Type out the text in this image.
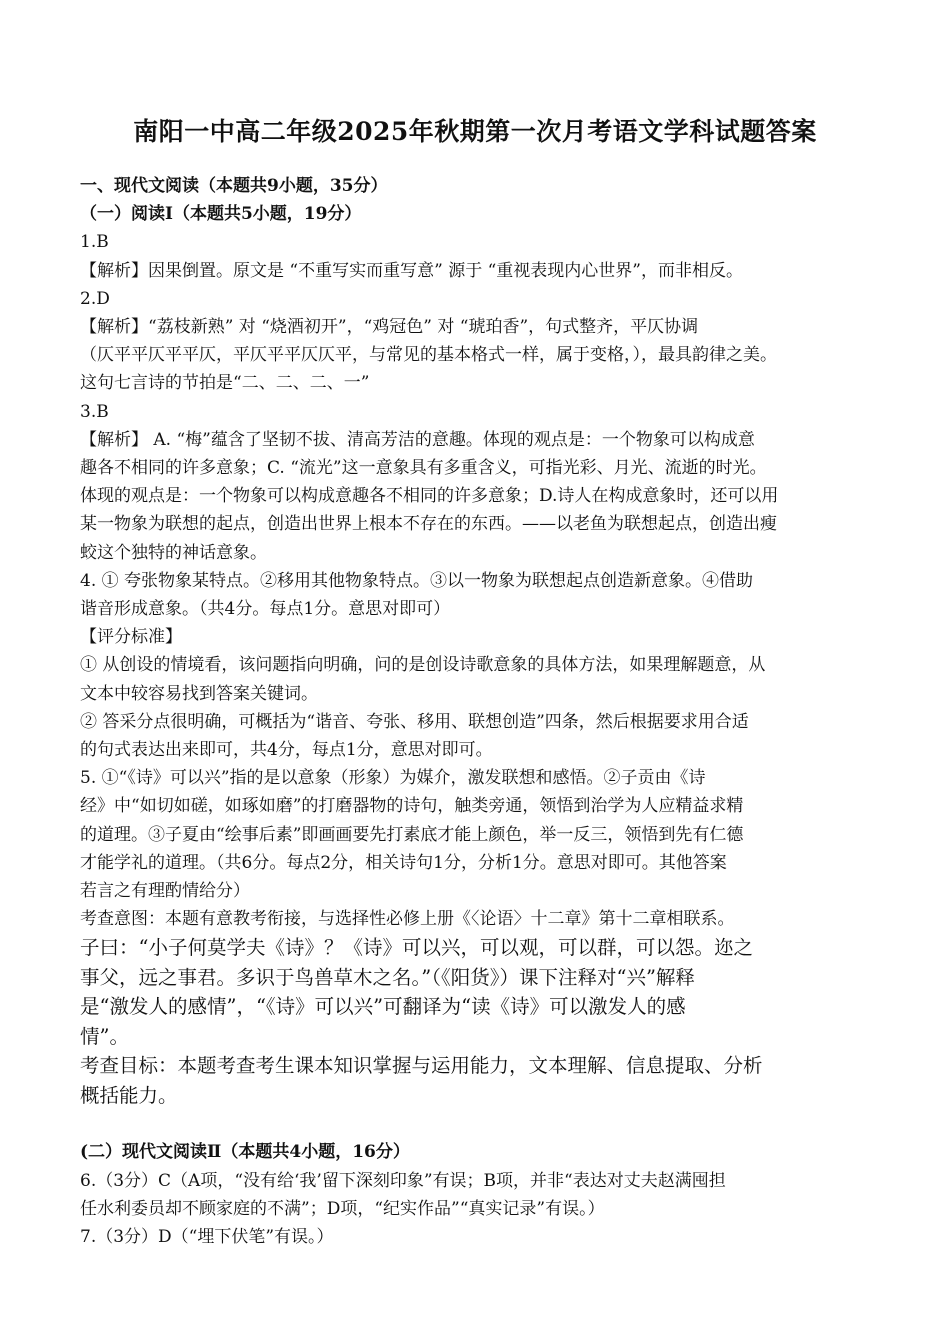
南阳一中高二年级2025年秋期第一次月考语文学科试题答案
一、现代文阅读（本题共9小题，35分）
（一）阅读Ⅰ（本题共5小题，19分）
1.B
【解析】因果倒置。原文是 “不重写实而重写意” 源于 “重视表现内心世界”，而非相反。
2.D
【解析】“荔枝新熟” 对 “烧酒初开”，“鸡冠色” 对 “琥珀香”，句式整齐，平仄协调
（仄平平仄平平仄，平仄平平仄仄平，与常见的基本格式一样，属于变格，），最具韵律之美。
这句七言诗的节拍是“二、二、二、一”
3.B
【解析】 A. “梅”蕴含了坚韧不拔、清高芳洁的意趣。体现的观点是：一个物象可以构成意
趣各不相同的许多意象；C. “流光”这一意象具有多重含义，可指光彩、月光、流逝的时光。
体现的观点是：一个物象可以构成意趣各不相同的许多意象；D.诗人在构成意象时，还可以用
某一物象为联想的起点，创造出世界上根本不存在的东西。——以老鱼为联想起点，创造出瘦
蛟这个独特的神话意象。
4. ① 夸张物象某特点。②移用其他物象特点。③以一物象为联想起点创造新意象。④借助
谐音形成意象。（共4分。每点1分。意思对即可）
【评分标准】
① 从创设的情境看，该问题指向明确，问的是创设诗歌意象的具体方法，如果理解题意，从
文本中较容易找到答案关键词。
② 答采分点很明确，可概括为“谐音、夸张、移用、联想创造”四条，然后根据要求用合适
的句式表达出来即可，共4分，每点1分，意思对即可。
5. ①“《诗》可以兴”指的是以意象（形象）为媒介，激发联想和感悟。②子贡由《诗
经》中“如切如磋，如琢如磨”的打磨器物的诗句，触类旁通，领悟到治学为人应精益求精
的道理。③子夏由“绘事后素”即画画要先打素底才能上颜色，举一反三，领悟到先有仁德
才能学礼的道理。（共6分。每点2分，相关诗句1分，分析1分。意思对即可。其他答案
若言之有理酌情给分）
考查意图：本题有意教考衔接，与选择性必修上册《〈论语〉十二章》第十二章相联系。
子曰：“小子何莫学夫《诗》？《诗》可以兴，可以观，可以群，可以怨。迩之
事父，远之事君。多识于鸟兽草木之名。”（《阳货》）课下注释对“兴”解释
是“激发人的感情”，“《诗》可以兴”可翻译为“读《诗》可以激发人的感
情”。
考查目标：本题考查考生课本知识掌握与运用能力，文本理解、信息提取、分析
概括能力。
(二）现代文阅读Ⅱ（本题共4小题，16分）
6.（3分）C（A项，“没有给‘我’留下深刻印象”有误；B项，并非“表达对丈夫赵满囤担
任水利委员却不顾家庭的不满”；D项，“纪实作品”“真实记录”有误。）
7.（3分）D（“埋下伏笔”有误。）
